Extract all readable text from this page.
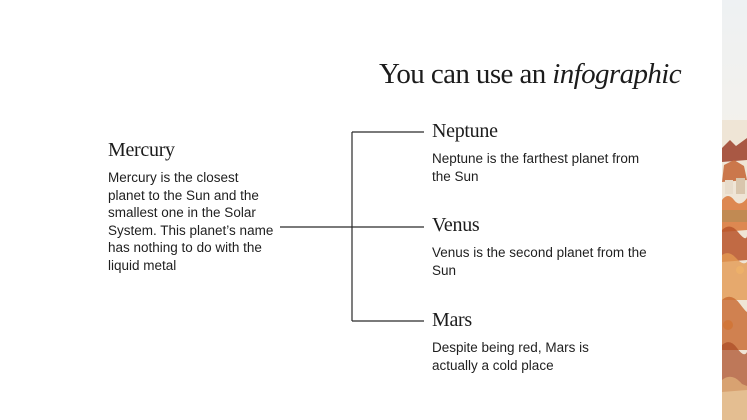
You can use an infographic
Mercury

Mercury is the closest planet to the Sun and the smallest one in the Solar System. This planet’s name has nothing to do with the liquid metal

Neptune

Neptune is the farthest planet from the Sun

Venus

Venus is the second planet from the Sun

Mars

Despite being red, Mars is actually a cold place
